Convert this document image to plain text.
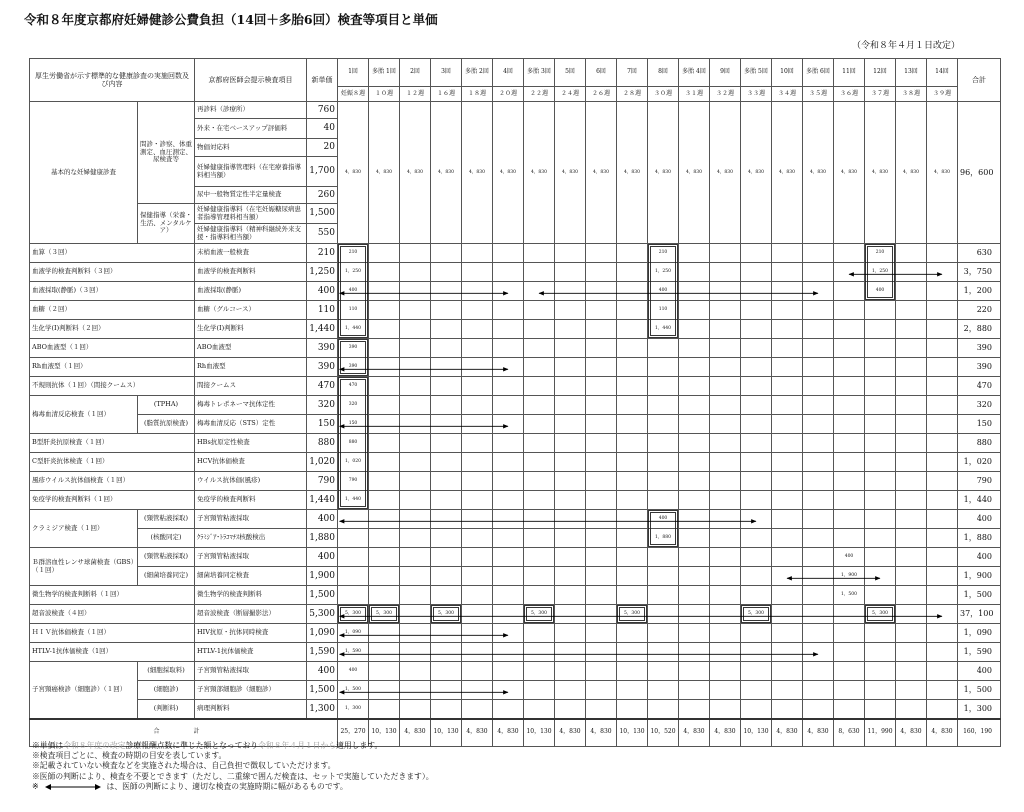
令和８年度京都府妊婦健診公費負担（14回＋多胎6回）検査等項目と単価
（令和８年４月１日改定）
厚生労働省が示す標準的な健康診査の実施回数及び内容		京都府医師会提示検査項目	新単価	1回	多胎 1回	2回	3回	多胎 2回	4回	多胎 3回	5回	6回	7回	8回	多胎 4回	9回	多胎 5回	10回	多胎 6回	11回	12回	13回	14回	合計
				妊娠８週	１０週	１２週	１６週	１８週	２０週	２２週	２４週	２６週	２８週	３０週	３１週	３２週	３３週	３４週	３５週	３６週	３７週	３８週	３９週	
基本的な妊婦健康診査	問診・診察、体重測定、血圧測定、尿検査等	再診料（診療所）	760	4，830	4，830	4，830	4，830	4，830	4，830	4，830	4，830	4，830	4，830	4，830	4，830	4，830	4，830	4，830	4，830	4，830	4，830	4，830	4，830	96，600
		外来・在宅ベースアップ評価料	40																					
		物価対応料	20																					
		妊婦健康指導管理料（在宅療養指導料相当額）	1,700																					
		尿中一般物質定性半定量検査	260																					
	保健指導（栄養・生活、メンタルケア）	妊婦健康指導料（在宅妊娠糖尿病患者指導管理料相当額）	1,500																					
		妊婦健康指導料（精神科継続外来支援・指導料相当額）	550																					
血算（３回）		末梢血液一般検査	210	210										210							210			630
血液学的検査判断料（３回）		血液学的検査判断料	1,250	1，250										1，250							1，250			3，750
血液採取(静脈)（３回）		血液採取(静脈)	400	400										400							400			1，200
血糖（２回）		血糖（グルコース）	110	110										110										220
生化学(Ⅰ)判断料（２回）		生化学(Ⅰ)判断料	1,440	1，440										1，440										2，880
ABO血液型（１回）		ABO血液型	390	390																				390
Rh血液型（１回）		Rh血液型	390	390																				390
不規則抗体（１回）（間接クームス）		間接クームス	470	470																				470
梅毒血清反応検査（１回）	(TPHA)	梅毒トレポネーマ抗体定性	320	320																				320
	(脂質抗原検査)	梅毒血清反応（STS）定性	150	150																				150
B型肝炎抗原検査（１回）		HBs抗原定性検査	880	880																				880
C型肝炎抗体検査（１回）		HCV抗体価検査	1,020	1，020																				1，020
風疹ウイルス抗体価検査（１回）		ウイルス抗体価(風疹)	790	790																				790
免疫学的検査判断料（１回）		免疫学的検査判断料	1,440	1，440																				1，440
クラミジア検査（１回）	(頸管粘液採取)	子宮頸管粘液採取	400											400										400
	(核酸同定)	ｸﾗﾐｼﾞｱ･ﾄﾗｺﾏﾁｽ核酸検出	1,880											1，880										1，880
Ｂ群溶血性レンサ球菌検査（GBS）（１回）	(頸管粘液採取)	子宮頸管粘液採取	400																	400				400
	(細菌培養同定)	細菌培養同定検査	1,900																	1，900				1，900
微生物学的検査判断料（１回）		微生物学的検査判断料	1,500																	1，500				1，500
超音波検査（４回）		超音波検査（断層撮影法）	5,300	5，300	5，300		5，300			5，300			5，300				5，300				5，300			37，100
ＨＩＶ抗体価検査（１回）		HIV抗原・抗体同時検査	1,090	1，090																				1，090
HTLV-1抗体価検査（1回）		HTLV-1抗体価検査	1,590	1，590																				1，590
子宮頸癌検診（細胞診）（１回）	(細胞採取料)	子宮頸管粘液採取	400	400																				400
	(細胞診)	子宮頸部細胞診（細胞診）	1,500	1，500																				1，500
	(判断料)	病理判断料	1,300	1，300																				1，300
合　計				25，270	10，130	4，830	10，130	4，830	4，830	10，130	4，830	4，830	10，130	10，520	4，830	4，830	10，130	4，830	4，830	8，630	11，990	4，830	4，830	160，190
※単価は令和８年度の改定診療報酬点数に準じた額となっており令和８年４月１日から適用します。
※検査項目ごとに、検査の時期の目安を表しています。
※記載されていない検査などを実施された場合は、自己負担で徴収していただけます。
※医師の判断により、検査を不要とできます（ただし、二重線で囲んだ検査は、セットで実施していただきます）。
※	は、医師の判断により、適切な検査の実施時期に幅があるものです。
